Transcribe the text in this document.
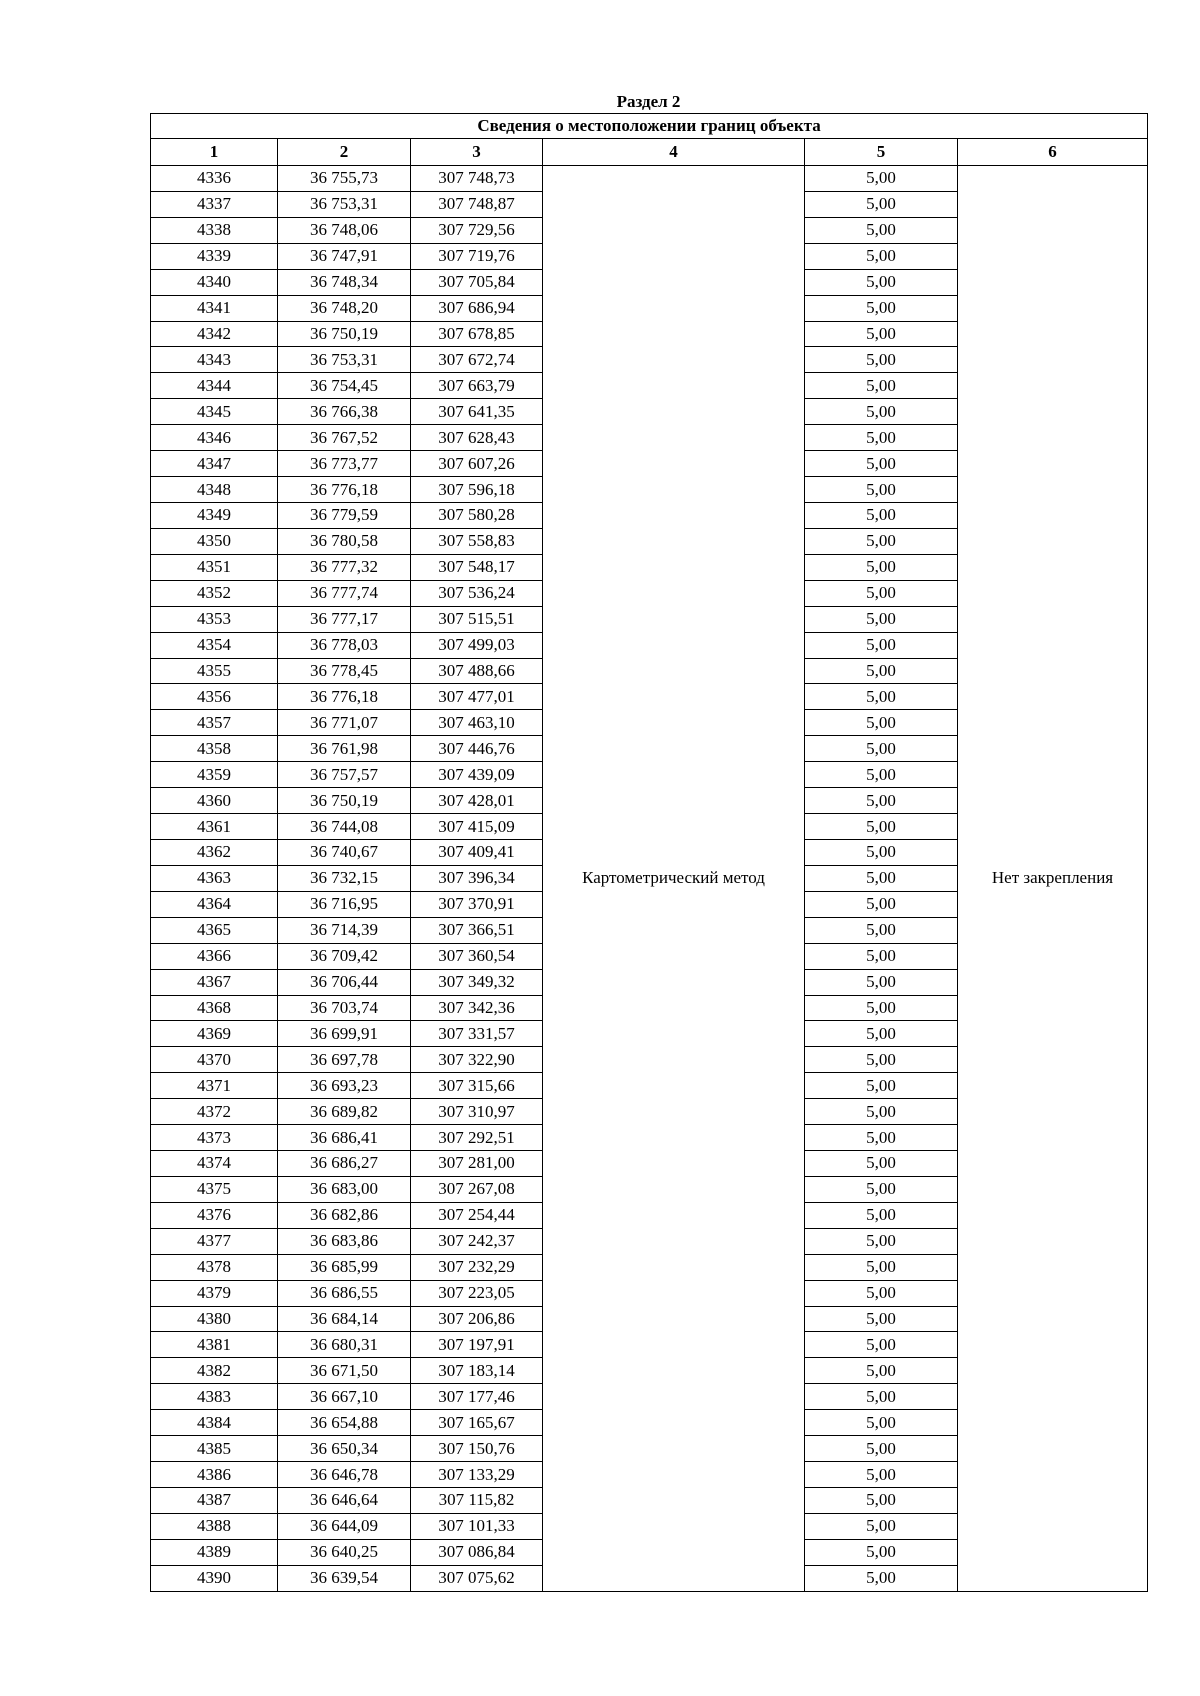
Раздел 2
Сведения о местоположении границ объекта					
1	2	3	4	5	6
4336	36 755,73	307 748,73	Картометрический метод	5,00	Нет закрепления
4337	36 753,31	307 748,87		5,00	
4338	36 748,06	307 729,56		5,00	
4339	36 747,91	307 719,76		5,00	
4340	36 748,34	307 705,84		5,00	
4341	36 748,20	307 686,94		5,00	
4342	36 750,19	307 678,85		5,00	
4343	36 753,31	307 672,74		5,00	
4344	36 754,45	307 663,79		5,00	
4345	36 766,38	307 641,35		5,00	
4346	36 767,52	307 628,43		5,00	
4347	36 773,77	307 607,26		5,00	
4348	36 776,18	307 596,18		5,00	
4349	36 779,59	307 580,28		5,00	
4350	36 780,58	307 558,83		5,00	
4351	36 777,32	307 548,17		5,00	
4352	36 777,74	307 536,24		5,00	
4353	36 777,17	307 515,51		5,00	
4354	36 778,03	307 499,03		5,00	
4355	36 778,45	307 488,66		5,00	
4356	36 776,18	307 477,01		5,00	
4357	36 771,07	307 463,10		5,00	
4358	36 761,98	307 446,76		5,00	
4359	36 757,57	307 439,09		5,00	
4360	36 750,19	307 428,01		5,00	
4361	36 744,08	307 415,09		5,00	
4362	36 740,67	307 409,41		5,00	
4363	36 732,15	307 396,34		5,00	
4364	36 716,95	307 370,91		5,00	
4365	36 714,39	307 366,51		5,00	
4366	36 709,42	307 360,54		5,00	
4367	36 706,44	307 349,32		5,00	
4368	36 703,74	307 342,36		5,00	
4369	36 699,91	307 331,57		5,00	
4370	36 697,78	307 322,90		5,00	
4371	36 693,23	307 315,66		5,00	
4372	36 689,82	307 310,97		5,00	
4373	36 686,41	307 292,51		5,00	
4374	36 686,27	307 281,00		5,00	
4375	36 683,00	307 267,08		5,00	
4376	36 682,86	307 254,44		5,00	
4377	36 683,86	307 242,37		5,00	
4378	36 685,99	307 232,29		5,00	
4379	36 686,55	307 223,05		5,00	
4380	36 684,14	307 206,86		5,00	
4381	36 680,31	307 197,91		5,00	
4382	36 671,50	307 183,14		5,00	
4383	36 667,10	307 177,46		5,00	
4384	36 654,88	307 165,67		5,00	
4385	36 650,34	307 150,76		5,00	
4386	36 646,78	307 133,29		5,00	
4387	36 646,64	307 115,82		5,00	
4388	36 644,09	307 101,33		5,00	
4389	36 640,25	307 086,84		5,00	
4390	36 639,54	307 075,62		5,00	
